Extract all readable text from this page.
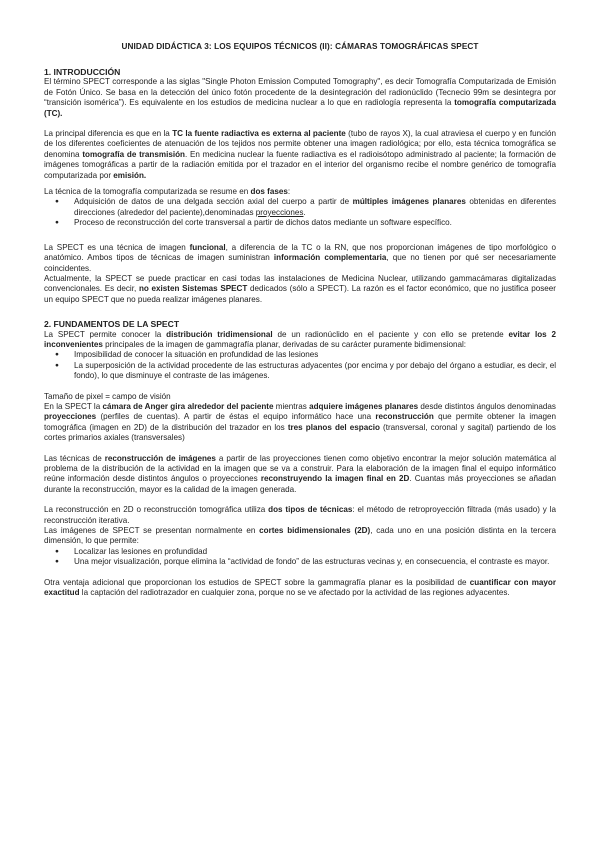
UNIDAD DIDÁCTICA 3: LOS EQUIPOS TÉCNICOS (II): CÁMARAS TOMOGRÁFICAS SPECT
1. INTRODUCCIÓN

El término SPECT corresponde a las siglas "Single Photon Emission Computed Tomography", es decir Tomografía Computarizada de Emisión de Fotón Único. Se basa en la detección del único fotón procedente de la desintegración del radionúclido (Tecnecio 99m se desintegra por “transición isomérica”). Es equivalente en los estudios de medicina nuclear a lo que en radiología representa la tomografía computarizada (TC).

La principal diferencia es que en la TC la fuente radiactiva es externa al paciente (tubo de rayos X), la cual atraviesa el cuerpo y en función de los diferentes coeficientes de atenuación de los tejidos nos permite obtener una imagen radiológica; por ello, esta técnica tomográfica se denomina tomografía de transmisión. En medicina nuclear la fuente radiactiva es el radioisótopo administrado al paciente; la formación de imágenes tomográficas a partir de la radiación emitida por el trazador en el interior del organismo recibe el nombre genérico de tomografía computarizada por emisión.

La técnica de la tomografía computarizada se resume en dos fases:

● Adquisición de datos de una delgada sección axial del cuerpo a partir de múltiples imágenes planares obtenidas en diferentes direcciones (alrededor del paciente),denominadas proyecciones.
● Proceso de reconstrucción del corte transversal a partir de dichos datos mediante un software específico.

La SPECT es una técnica de imagen funcional, a diferencia de la TC o la RN, que nos proporcionan imágenes de tipo morfológico o anatómico. Ambos tipos de técnicas de imagen suministran información complementaria, que no tienen por qué ser necesariamente coincidentes.

Actualmente, la SPECT se puede practicar en casi todas las instalaciones de Medicina Nuclear, utilizando gammacámaras digitalizadas convencionales. Es decir, no existen Sistemas SPECT dedicados (sólo a SPECT). La razón es el factor económico, que no justifica poseer un equipo SPECT que no pueda realizar imágenes planares.

2. FUNDAMENTOS DE LA SPECT

La SPECT permite conocer la distribución tridimensional de un radionúclido en el paciente y con ello se pretende evitar los 2 inconvenientes principales de la imagen de gammagrafía planar, derivadas de su carácter puramente bidimensional:

● Imposibilidad de conocer la situación en profundidad de las lesiones
● La superposición de la actividad procedente de las estructuras adyacentes (por encima y por debajo del órgano a estudiar, es decir, el fondo), lo que disminuye el contraste de las imágenes.

Tamaño de pixel = campo de visión

En la SPECT la cámara de Anger gira alrededor del paciente mientras adquiere imágenes planares desde distintos ángulos denominadas proyecciones (perfiles de cuentas). A partir de éstas el equipo informático hace una reconstrucción que permite obtener la imagen tomográfica (imagen en 2D) de la distribución del trazador en los tres planos del espacio (transversal, coronal y sagital) partiendo de los cortes primarios axiales (transversales)

Las técnicas de reconstrucción de imágenes a partir de las proyecciones tienen como objetivo encontrar la mejor solución matemática al problema de la distribución de la actividad en la imagen que se va a construir. Para la elaboración de la imagen final el equipo informático reúne información desde distintos ángulos o proyecciones reconstruyendo la imagen final en 2D. Cuantas más proyecciones se añadan durante la reconstrucción, mayor es la calidad de la imagen generada.

La reconstrucción en 2D o reconstrucción tomográfica utiliza dos tipos de técnicas: el método de retroproyección filtrada (más usado) y la reconstrucción iterativa.

Las imágenes de SPECT se presentan normalmente en cortes bidimensionales (2D), cada uno en una posición distinta en la tercera dimensión, lo que permite:

● Localizar las lesiones en profundidad
● Una mejor visualización, porque elimina la “actividad de fondo” de las estructuras vecinas y, en consecuencia, el contraste es mayor.

Otra ventaja adicional que proporcionan los estudios de SPECT sobre la gammagrafía planar es la posibilidad de cuantificar con mayor exactitud la captación del radiotrazador en cualquier zona, porque no se ve afectado por la actividad de las regiones adyacentes.
